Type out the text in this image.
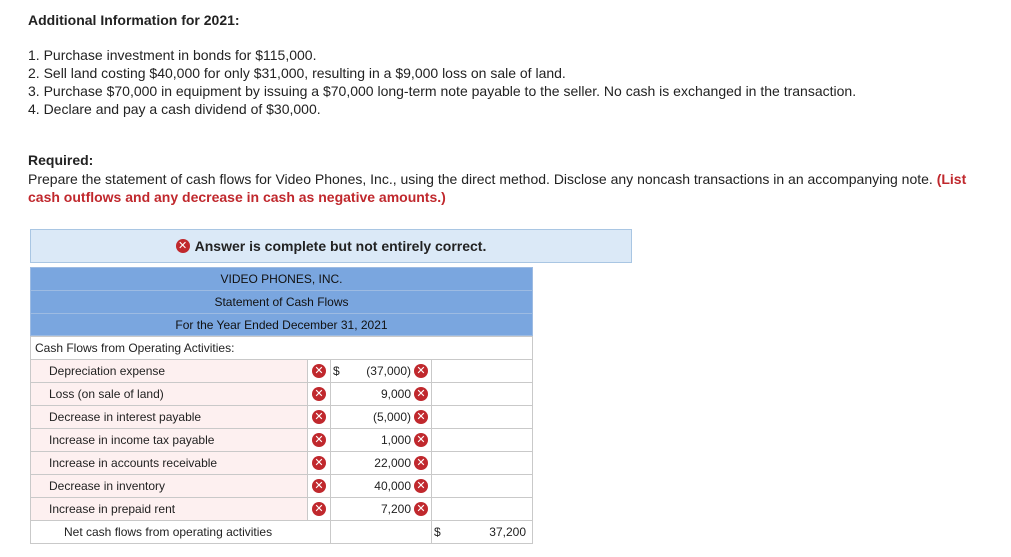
Additional Information for 2021:
1. Purchase investment in bonds for $115,000.
2. Sell land costing $40,000 for only $31,000, resulting in a $9,000 loss on sale of land.
3. Purchase $70,000 in equipment by issuing a $70,000 long-term note payable to the seller. No cash is exchanged in the transaction.
4. Declare and pay a cash dividend of $30,000.
Required:
Prepare the statement of cash flows for Video Phones, Inc., using the direct method. Disclose any noncash transactions in an accompanying note. (List cash outflows and any decrease in cash as negative amounts.)
✕ Answer is complete but not entirely correct.
VIDEO PHONES, INC.
Statement of Cash Flows
For the Year Ended December 31, 2021
Cash Flows from Operating Activities:			
Depreciation expense	✕	$ (37,000) ✕	

Loss (on sale of land)	✕	9,000 ✕	

Decrease in interest payable	✕	(5,000) ✕	

Increase in income tax payable	✕	1,000 ✕	

Increase in accounts receivable	✕	22,000 ✕	

Decrease in inventory	✕	40,000 ✕	

Increase in prepaid rent	✕	7,200 ✕	

Net cash flows from operating activities			$ 37,200
